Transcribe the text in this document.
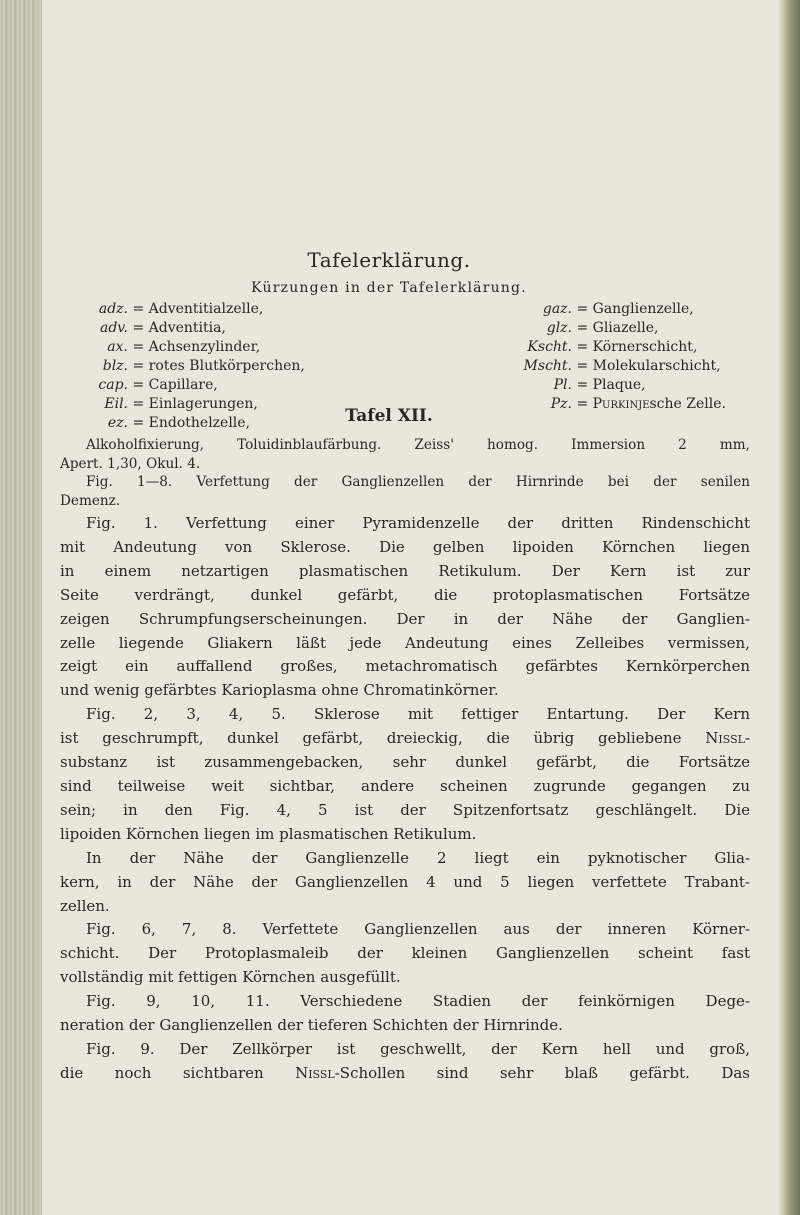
Tafelerklärung.
Kürzungen in der Tafelerklärung.
adz. = Adventitialzelle,
adv. = Adventitia,
ax. = Achsenzylinder,
blz. = rotes Blutkörperchen,
cap. = Capillare,
Eil. = Einlagerungen,
ez. = Endothelzelle,
gaz. = Ganglienzelle,
glz. = Gliazelle,
Kscht. = Körnerschicht,
Mscht. = Molekularschicht,
Pl. = Plaque,
Pz. = Purkinjesche Zelle.
Tafel XII.
Alkoholfixierung, Toluidinblaufärbung. Zeiss' homog. Immersion 2 mm,
Apert. 1,30, Okul. 4.
Fig. 1—8. Verfettung der Ganglienzellen der Hirnrinde bei der senilen
Demenz.
Fig. 1. Verfettung einer Pyramidenzelle der dritten Rindenschicht
mit Andeutung von Sklerose. Die gelben lipoiden Körnchen liegen
in einem netzartigen plasmatischen Retikulum. Der Kern ist zur
Seite verdrängt, dunkel gefärbt, die protoplasmatischen Fortsätze
zeigen Schrumpfungserscheinungen. Der in der Nähe der Ganglien-
zelle liegende Gliakern läßt jede Andeutung eines Zelleibes vermissen,
zeigt ein auffallend großes, metachromatisch gefärbtes Kernkörperchen
und wenig gefärbtes Karioplasma ohne Chromatinkörner.
Fig. 2, 3, 4, 5. Sklerose mit fettiger Entartung. Der Kern
ist geschrumpft, dunkel gefärbt, dreieckig, die übrig gebliebene Nissl-
substanz ist zusammengebacken, sehr dunkel gefärbt, die Fortsätze
sind teilweise weit sichtbar, andere scheinen zugrunde gegangen zu
sein; in den Fig. 4, 5 ist der Spitzenfortsatz geschlängelt. Die
lipoiden Körnchen liegen im plasmatischen Retikulum.
In der Nähe der Ganglienzelle 2 liegt ein pyknotischer Glia-
kern, in der Nähe der Ganglienzellen 4 und 5 liegen verfettete Trabant-
zellen.
Fig. 6, 7, 8. Verfettete Ganglienzellen aus der inneren Körner-
schicht. Der Protoplasmaleib der kleinen Ganglienzellen scheint fast
vollständig mit fettigen Körnchen ausgefüllt.
Fig. 9, 10, 11. Verschiedene Stadien der feinkörnigen Dege-
neration der Ganglienzellen der tieferen Schichten der Hirnrinde.
Fig. 9. Der Zellkörper ist geschwellt, der Kern hell und groß,
die noch sichtbaren Nissl-Schollen sind sehr blaß gefärbt. Das
